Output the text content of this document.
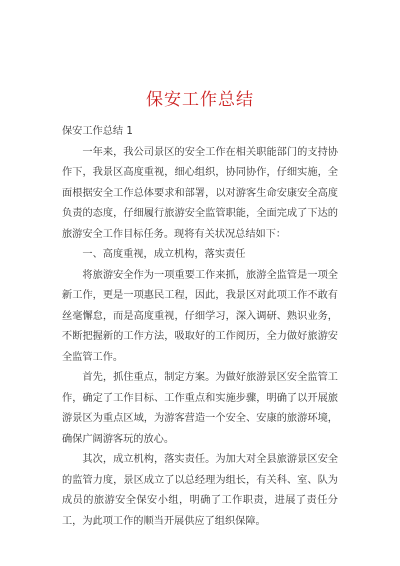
保安工作总结
保安工作总结 1

一年来，我公司景区的安全工作在相关职能部门的支持协作下，我景区高度重视，细心组织，协同协作，仔细实施，全面根据安全工作总体要求和部署，以对游客生命安康安全高度负责的态度，仔细履行旅游安全监管职能，全面完成了下达的旅游安全工作目标任务。现将有关状况总结如下：

一、高度重视，成立机构，落实责任

将旅游安全作为一项重要工作来抓，旅游全监管是一项全新工作，更是一项惠民工程，因此，我景区对此项工作不敢有丝毫懈怠，而是高度重视，仔细学习，深入调研、熟识业务，不断把握新的工作方法，吸取好的工作阅历，全力做好旅游安全监管工作。

首先，抓住重点，制定方案。为做好旅游景区安全监管工作，确定了工作目标、工作重点和实施步骤，明确了以开展旅游景区为重点区域，为游客营造一个安全、安康的旅游环境，确保广阔游客玩的放心。

其次，成立机构，落实责任。为加大对全县旅游景区安全的监管力度，景区成立了以总经理为组长，有关科、室、队为成员的旅游安全保安小组，明确了工作职责，进展了责任分工，为此项工作的顺当开展供应了组织保障。
